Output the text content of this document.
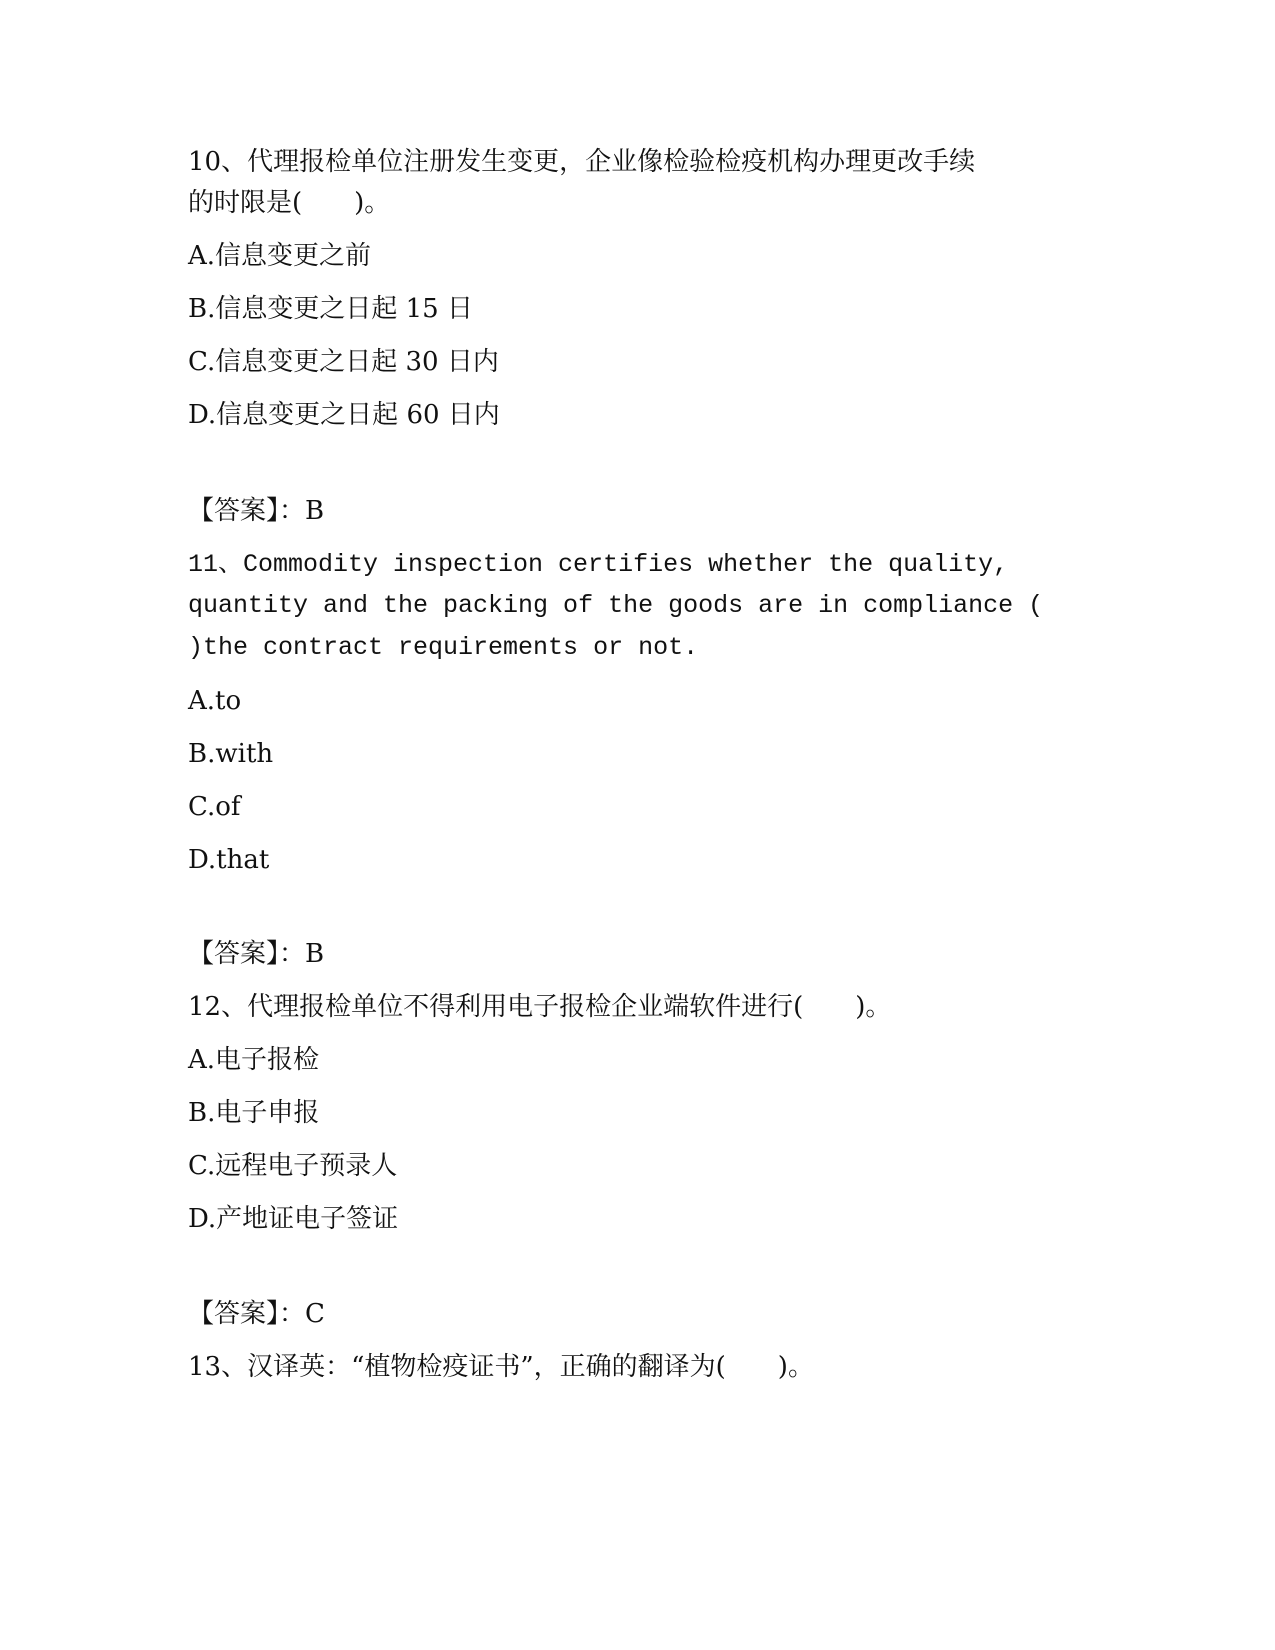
10、代理报检单位注册发生变更，企业像检验检疫机构办理更改手续
的时限是(　　)。
A.信息变更之前
B.信息变更之日起 15 日
C.信息变更之日起 30 日内
D.信息变更之日起 60 日内
【答案】：B
11、Commodity inspection certifies whether the quality,
quantity and the packing of the goods are in compliance (
)the contract requirements or not.
A.to
B.with
C.of
D.that
【答案】：B
12、代理报检单位不得利用电子报检企业端软件进行(　　)。
A.电子报检
B.电子申报
C.远程电子预录人
D.产地证电子签证
【答案】：C
13、汉译英：“植物检疫证书”，正确的翻译为(　　)。
